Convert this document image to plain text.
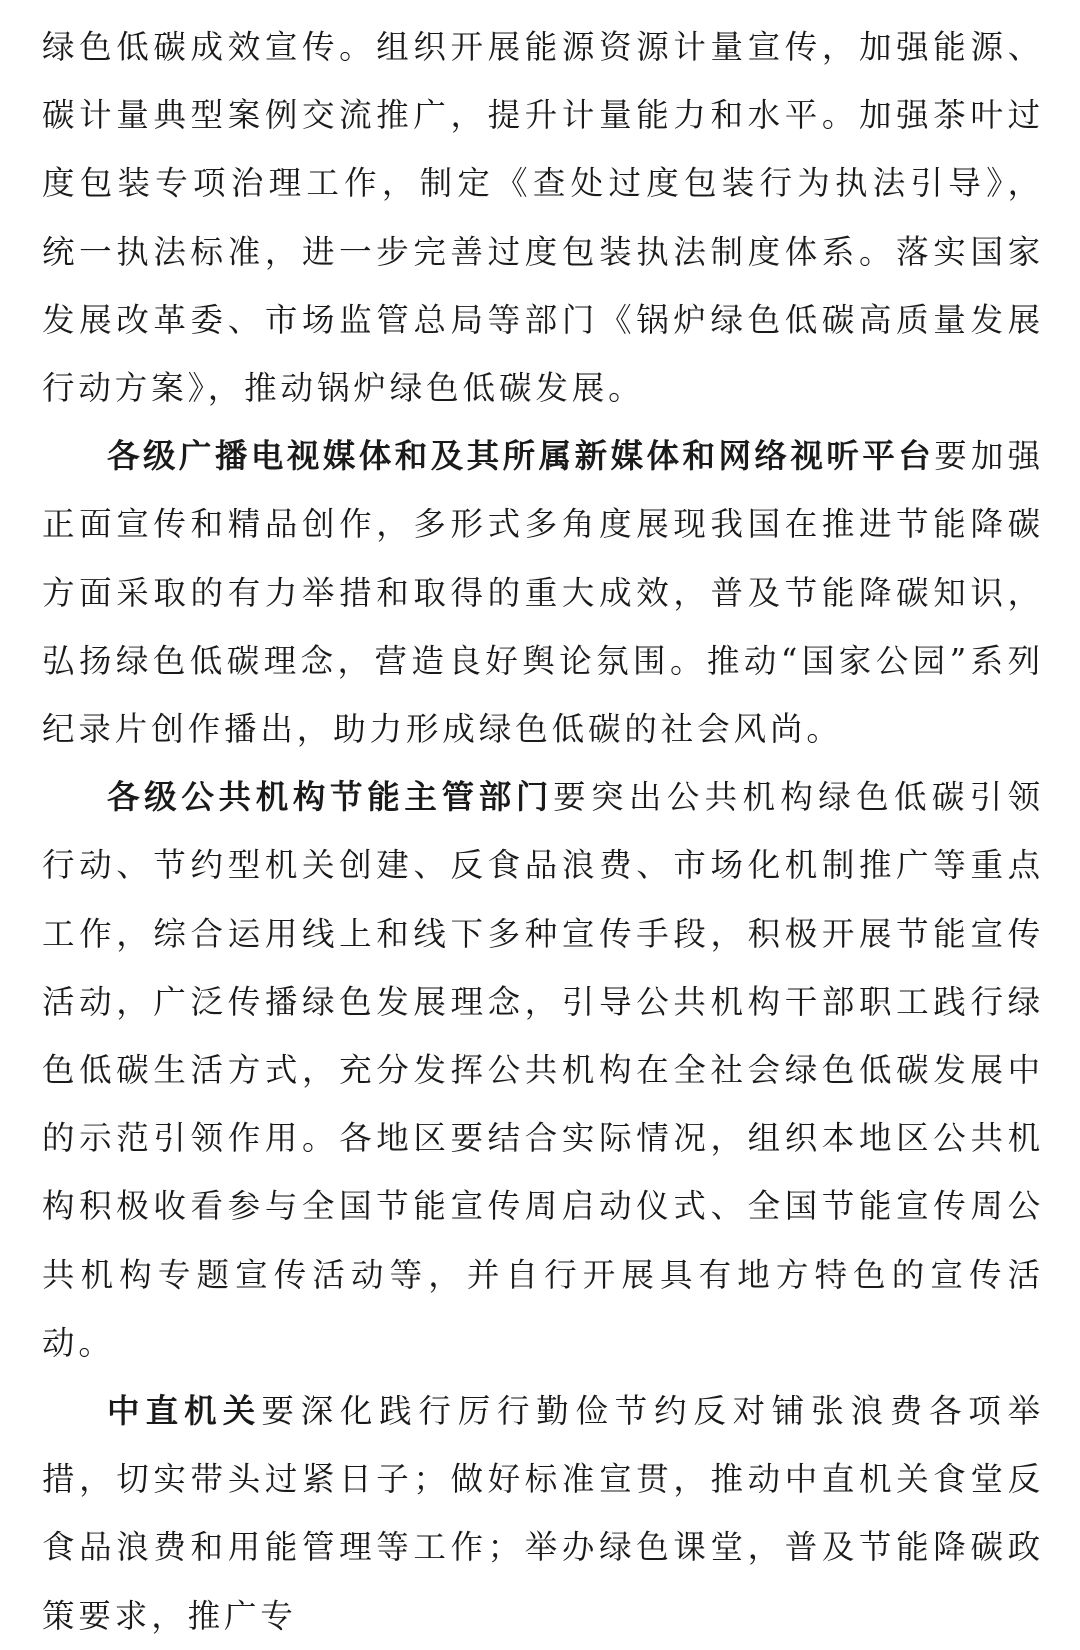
绿色低碳成效宣传。组织开展能源资源计量宣传，加强能源、碳计量典型案例交流推广，提升计量能力和水平。加强茶叶过度包装专项治理工作，制定《查处过度包装行为执法引导》，统一执法标准，进一步完善过度包装执法制度体系。落实国家发展改革委、市场监管总局等部门《锅炉绿色低碳高质量发展行动方案》，推动锅炉绿色低碳发展。

各级广播电视媒体和及其所属新媒体和网络视听平台要加强正面宣传和精品创作，多形式多角度展现我国在推进节能降碳方面采取的有力举措和取得的重大成效，普及节能降碳知识，弘扬绿色低碳理念，营造良好舆论氛围。推动“国家公园”系列纪录片创作播出，助力形成绿色低碳的社会风尚。

各级公共机构节能主管部门要突出公共机构绿色低碳引领行动、节约型机关创建、反食品浪费、市场化机制推广等重点工作，综合运用线上和线下多种宣传手段，积极开展节能宣传活动，广泛传播绿色发展理念，引导公共机构干部职工践行绿色低碳生活方式，充分发挥公共机构在全社会绿色低碳发展中的示范引领作用。各地区要结合实际情况，组织本地区公共机构积极收看参与全国节能宣传周启动仪式、全国节能宣传周公共机构专题宣传活动等，并自行开展具有地方特色的宣传活动。

中直机关要深化践行厉行勤俭节约反对铺张浪费各项举措，切实带头过紧日子；做好标准宣贯，推动中直机关食堂反食品浪费和用能管理等工作；举办绿色课堂，普及节能降碳政策要求，推广专
